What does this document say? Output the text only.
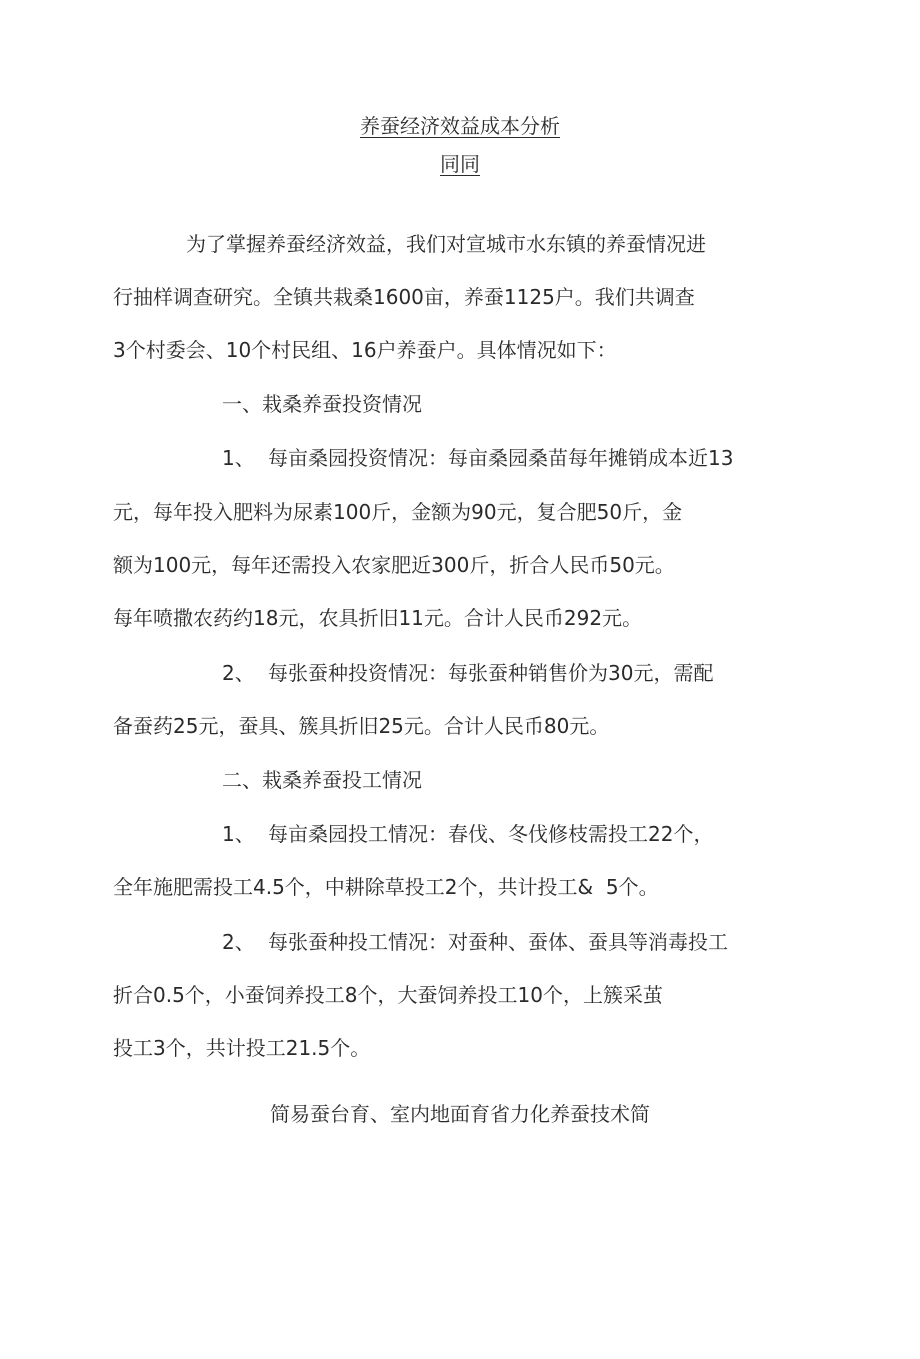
养蚕经济效益成本分析
同同
为了掌握养蚕经济效益，我们对宣城市水东镇的养蚕情况进
行抽样调查研究。全镇共栽桑1600亩，养蚕1125户。我们共调查
3个村委会、10个村民组、16户养蚕户。具体情况如下：
一、栽桑养蚕投资情况
1、 每亩桑园投资情况：每亩桑园桑苗每年摊销成本近13
元，每年投入肥料为尿素100斤，金额为90元，复合肥50斤，金
额为100元，每年还需投入农家肥近300斤，折合人民币50元。
每年喷撒农药约18元，农具折旧11元。合计人民币292元。
2、 每张蚕种投资情况：每张蚕种销售价为30元，需配
备蚕药25元，蚕具、簇具折旧25元。合计人民币80元。
二、栽桑养蚕投工情况
1、 每亩桑园投工情况：春伐、冬伐修枝需投工22个，
全年施肥需投工4.5个，中耕除草投工2个，共计投工&  5个。
2、 每张蚕种投工情况：对蚕种、蚕体、蚕具等消毒投工
折合0.5个，小蚕饲养投工8个，大蚕饲养投工10个，上簇采茧
投工3个，共计投工21.5个。
简易蚕台育、室内地面育省力化养蚕技术简
